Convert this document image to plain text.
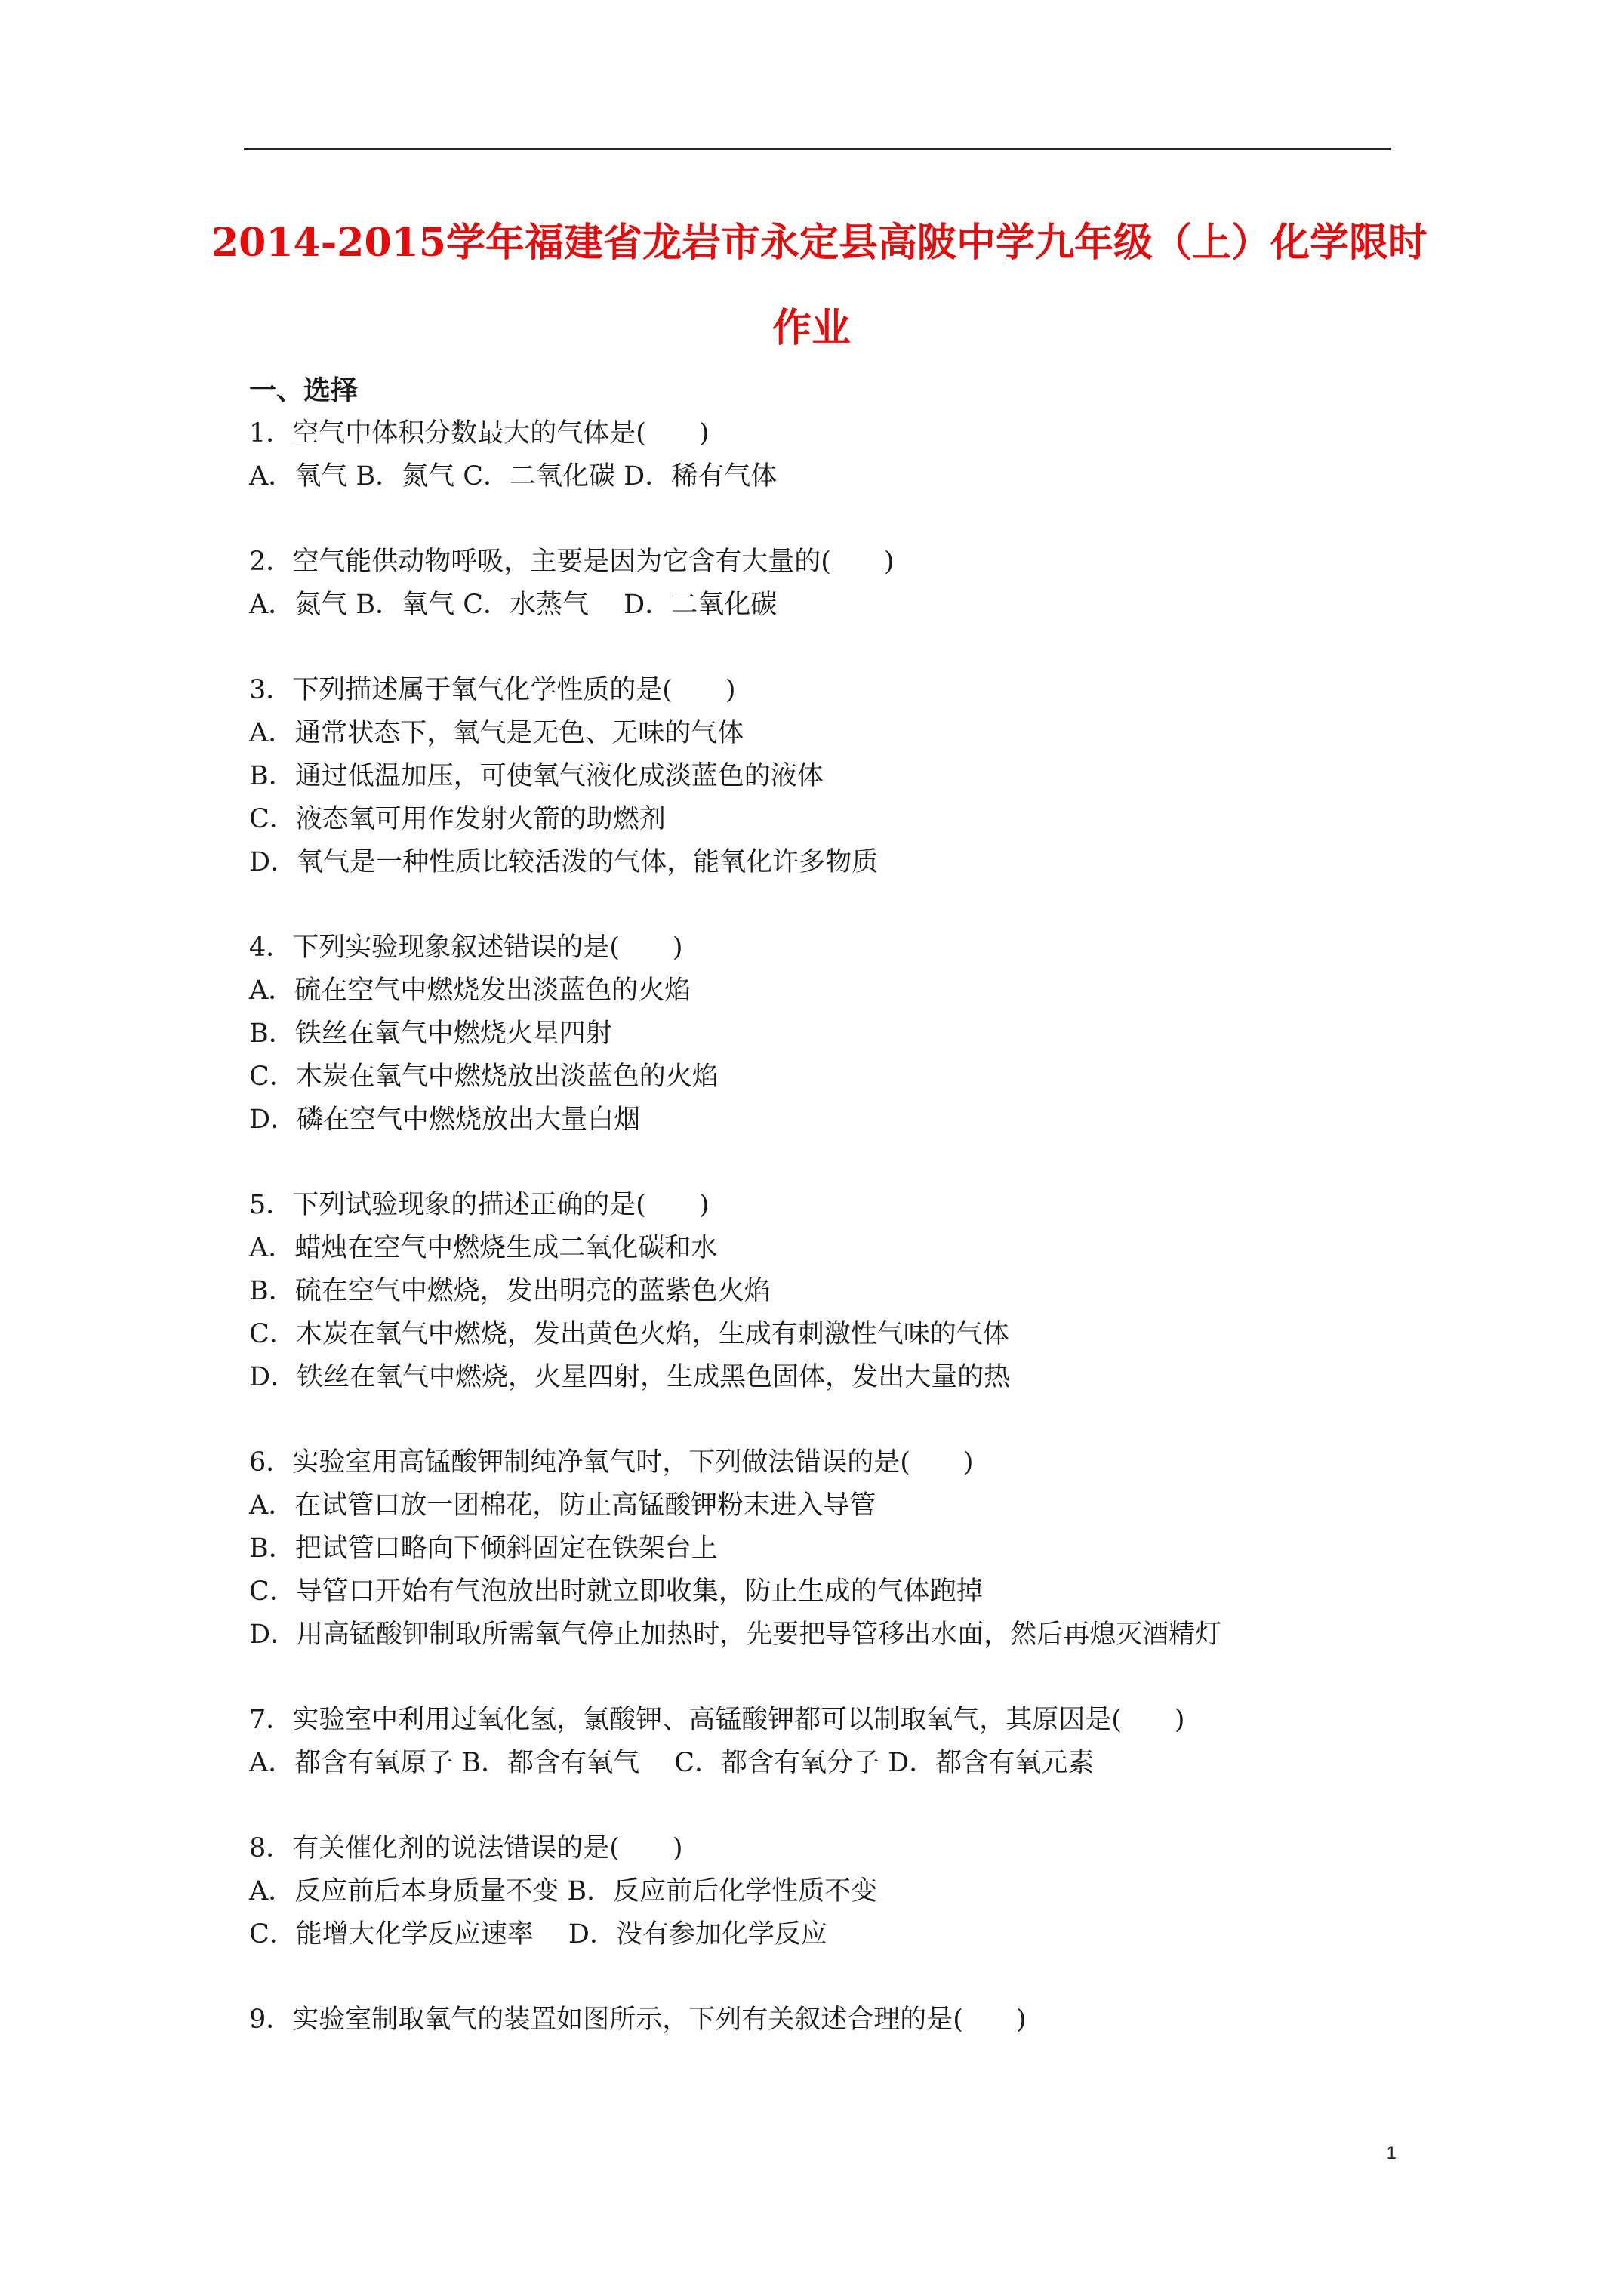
2014-2015学年福建省龙岩市永定县高陂中学九年级（上）化学限时
作业
一、选择
1．空气中体积分数最大的气体是(　　)
A．氧气 B．氮气 C．二氧化碳 D．稀有气体
2．空气能供动物呼吸，主要是因为它含有大量的(　　)
A．氮气 B．氧气 C．水蒸气　 D．二氧化碳
3．下列描述属于氧气化学性质的是(　　)
A．通常状态下，氧气是无色、无味的气体
B．通过低温加压，可使氧气液化成淡蓝色的液体
C．液态氧可用作发射火箭的助燃剂
D．氧气是一种性质比较活泼的气体，能氧化许多物质
4．下列实验现象叙述错误的是(　　)
A．硫在空气中燃烧发出淡蓝色的火焰
B．铁丝在氧气中燃烧火星四射
C．木炭在氧气中燃烧放出淡蓝色的火焰
D．磷在空气中燃烧放出大量白烟
5．下列试验现象的描述正确的是(　　)
A．蜡烛在空气中燃烧生成二氧化碳和水
B．硫在空气中燃烧，发出明亮的蓝紫色火焰
C．木炭在氧气中燃烧，发出黄色火焰，生成有刺激性气味的气体
D．铁丝在氧气中燃烧，火星四射，生成黑色固体，发出大量的热
6．实验室用高锰酸钾制纯净氧气时，下列做法错误的是(　　)
A．在试管口放一团棉花，防止高锰酸钾粉末进入导管
B．把试管口略向下倾斜固定在铁架台上
C．导管口开始有气泡放出时就立即收集，防止生成的气体跑掉
D．用高锰酸钾制取所需氧气停止加热时，先要把导管移出水面，然后再熄灭酒精灯
7．实验室中利用过氧化氢，氯酸钾、高锰酸钾都可以制取氧气，其原因是(　　)
A．都含有氧原子 B．都含有氧气　 C．都含有氧分子 D．都含有氧元素
8．有关催化剂的说法错误的是(　　)
A．反应前后本身质量不变 B．反应前后化学性质不变
C．能增大化学反应速率　 D．没有参加化学反应
9．实验室制取氧气的装置如图所示，下列有关叙述合理的是(　　)
1
